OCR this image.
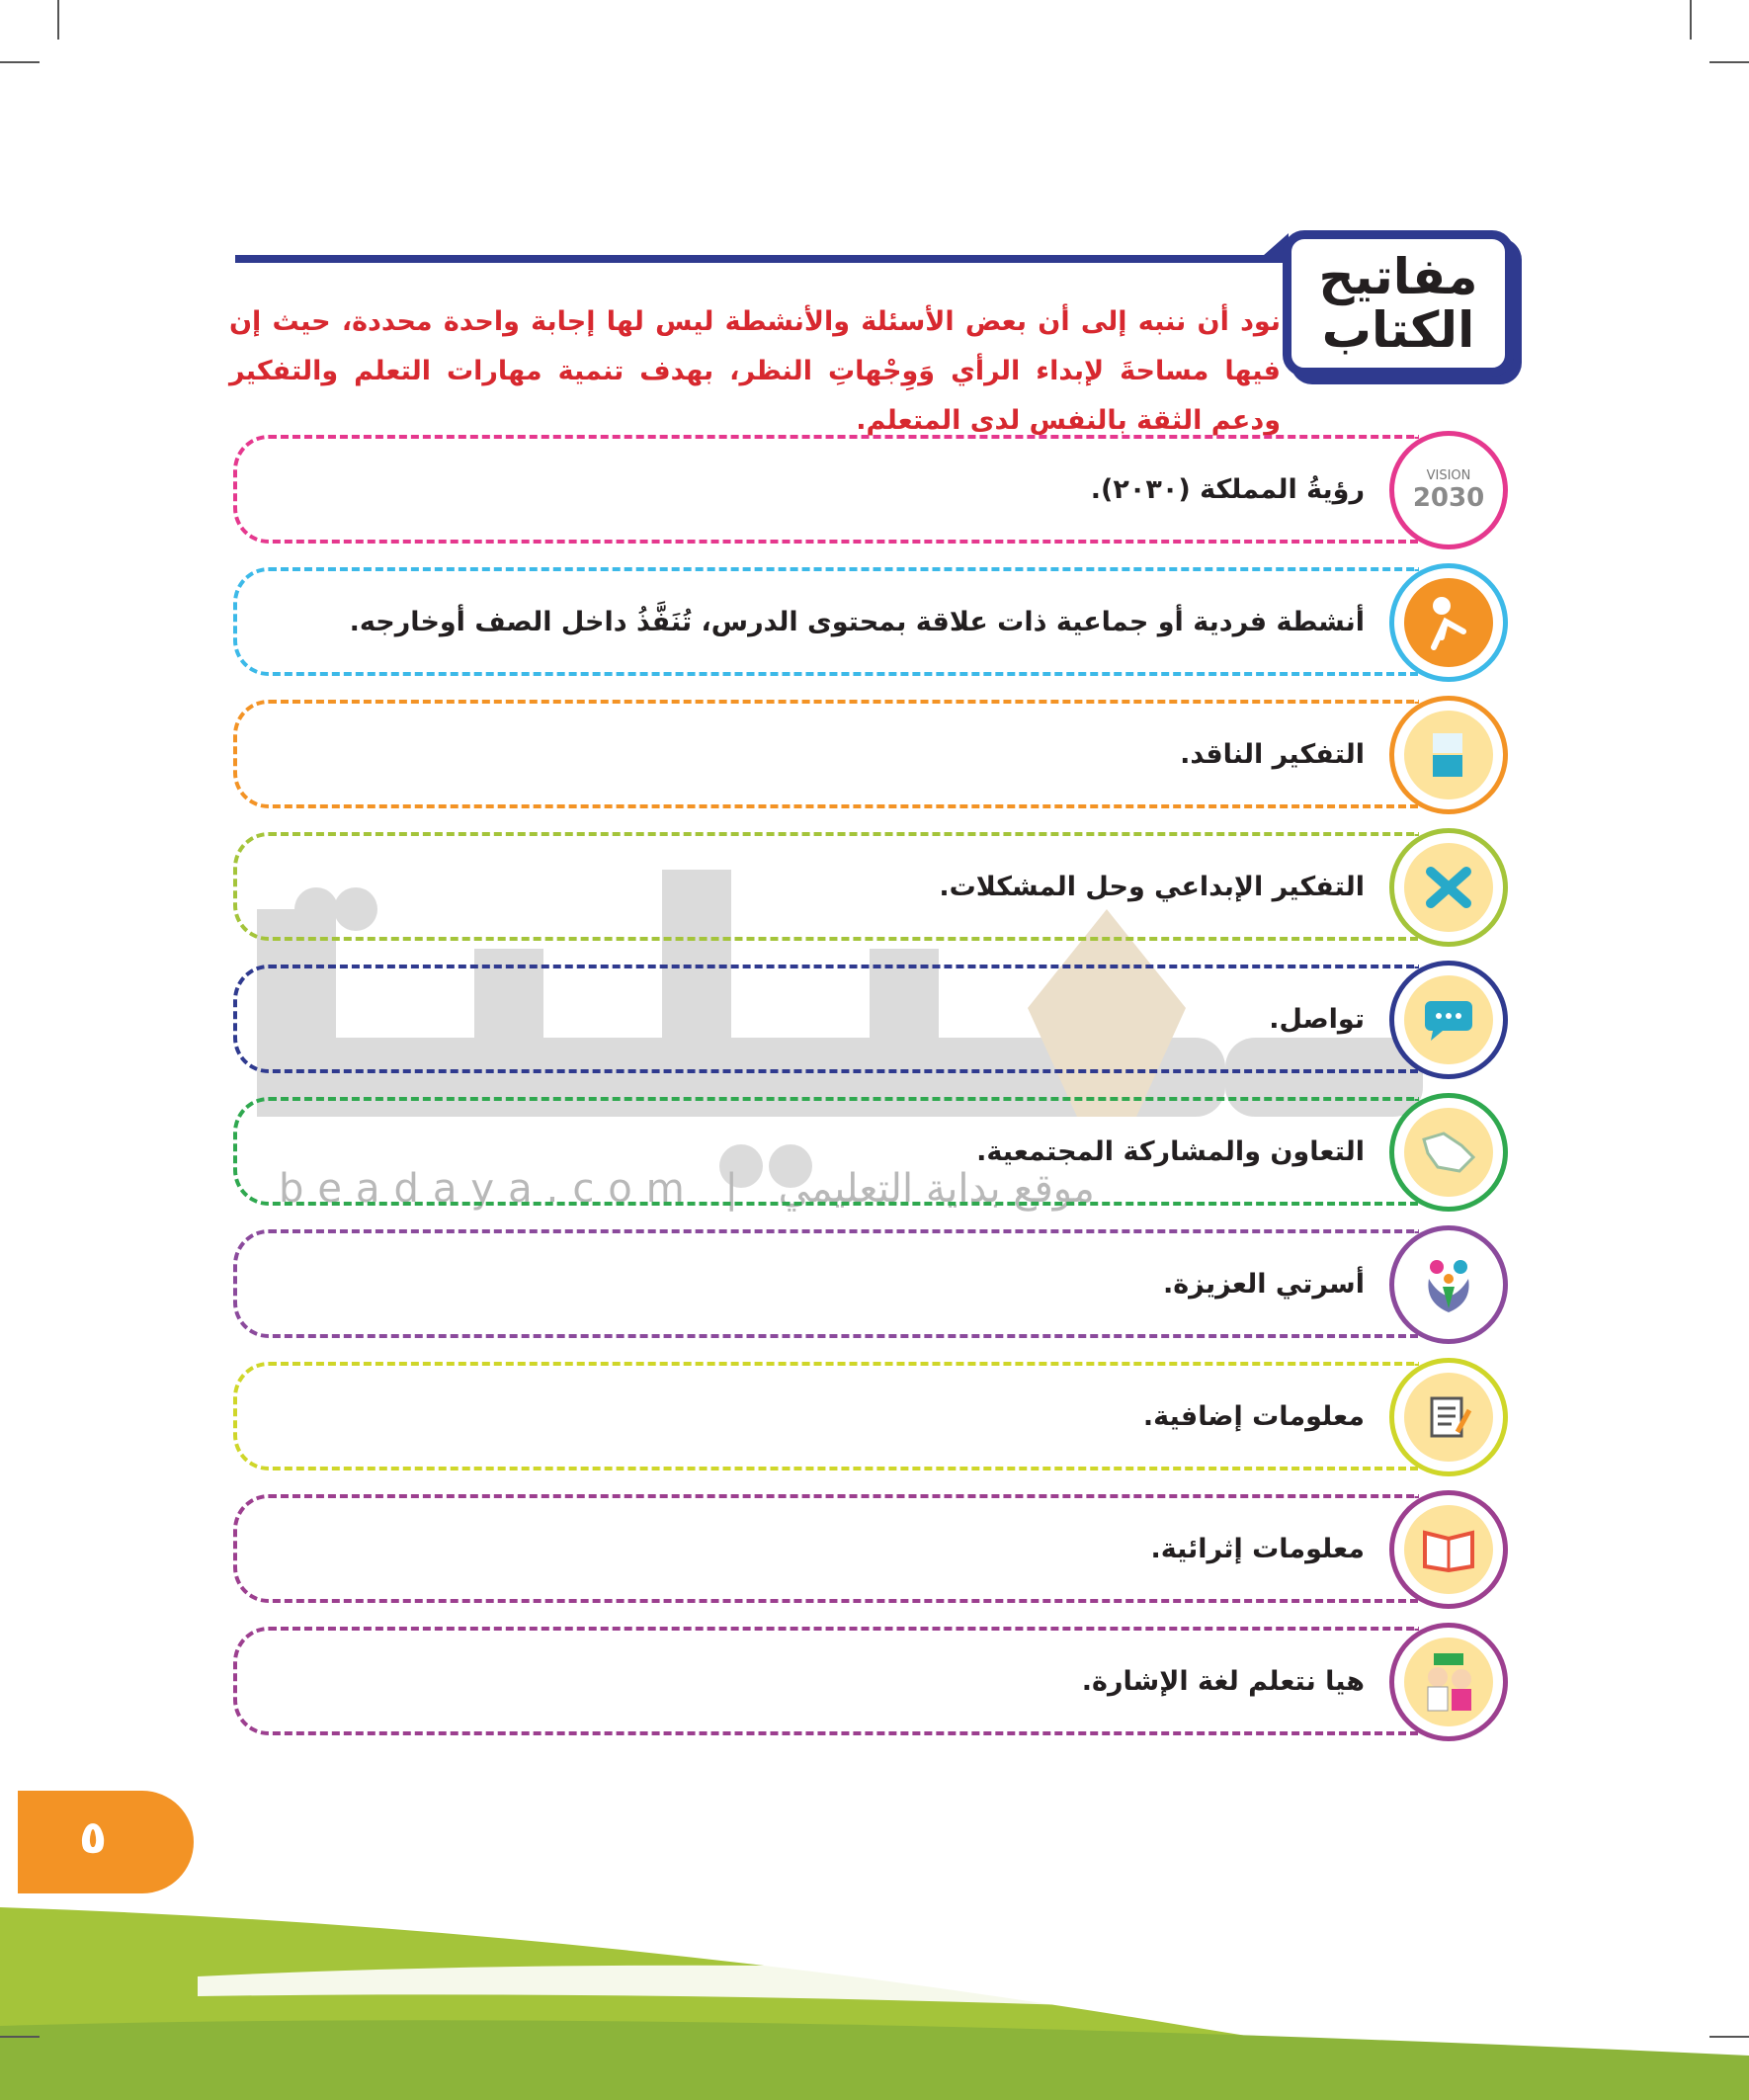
مفاتيح
الكتاب

نود أن ننبه إلى أن بعض الأسئلة والأنشطة ليس لها إجابة واحدة محددة، حيث إن فيها مساحةَ لإبداء الرأي وَوِجْهاتِ النظر، بهدف تنمية مهارات التعلم والتفكير ودعم الثقة بالنفس لدى المتعلم.

beadaya.com | موقع بداية التعليمي
رؤيةُ المملكة (٢٠٣٠).	VISION
2030
أنشطة فردية أو جماعية ذات علاقة بمحتوى الدرس، تُنَفَّذُ داخل الصف أوخارجه.
التفكير الناقد.
التفكير الإبداعي وحل المشكلات.
تواصل.
التعاون والمشاركة المجتمعية.
أسرتي العزيزة.
معلومات إضافية.
معلومات إثرائية.
هيا نتعلم لغة الإشارة.
٥
